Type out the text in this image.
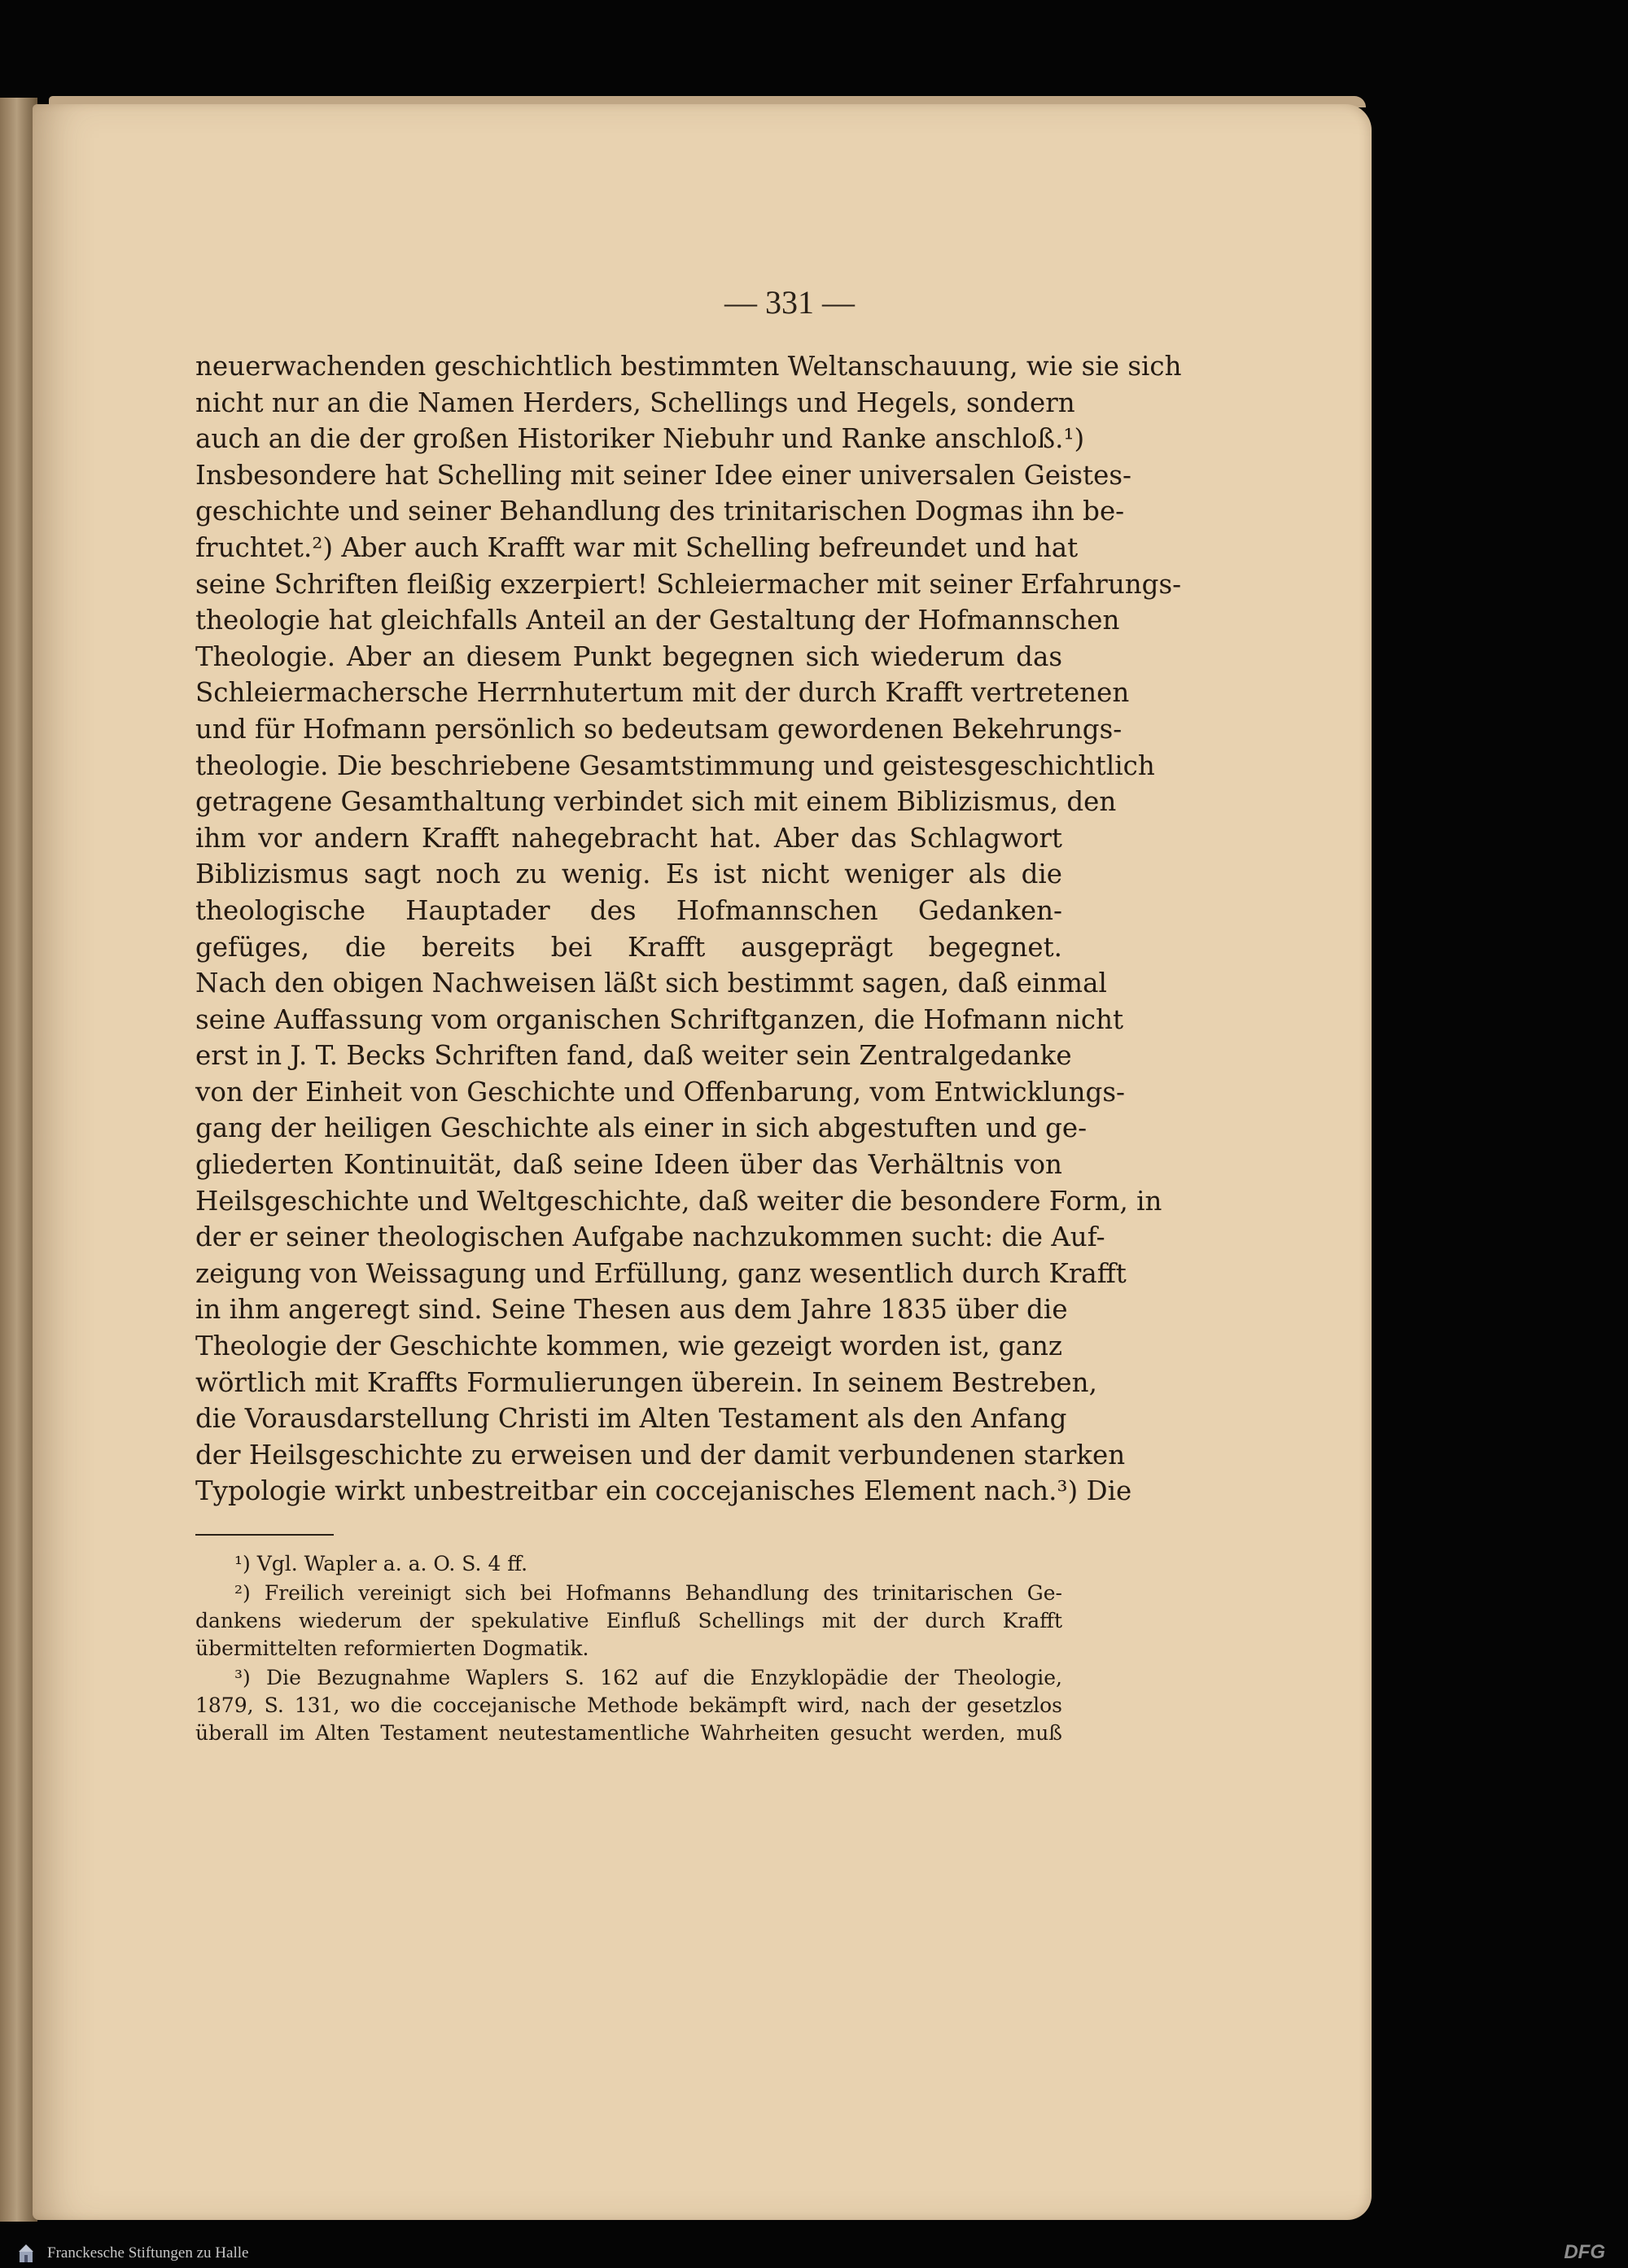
— 331 —
neuerwachenden geschichtlich bestimmten Weltanschauung, wie sie sich
nicht nur an die Namen Herders, Schellings und Hegels, sondern
auch an die der großen Historiker Niebuhr und Ranke anschloß.¹)
Insbesondere hat Schelling mit seiner Idee einer universalen Geistes-
geschichte und seiner Behandlung des trinitarischen Dogmas ihn be-
fruchtet.²) Aber auch Krafft war mit Schelling befreundet und hat
seine Schriften fleißig exzerpiert! Schleiermacher mit seiner Erfahrungs-
theologie hat gleichfalls Anteil an der Gestaltung der Hofmannschen
Theologie. Aber an diesem Punkt begegnen sich wiederum das
Schleiermachersche Herrnhutertum mit der durch Krafft vertretenen
und für Hofmann persönlich so bedeutsam gewordenen Bekehrungs-
theologie. Die beschriebene Gesamtstimmung und geistesgeschichtlich
getragene Gesamthaltung verbindet sich mit einem Biblizismus, den
ihm vor andern Krafft nahegebracht hat. Aber das Schlagwort
Biblizismus sagt noch zu wenig. Es ist nicht weniger als die
theologische Hauptader des Hofmannschen Gedanken-
gefüges, die bereits bei Krafft ausgeprägt begegnet.
Nach den obigen Nachweisen läßt sich bestimmt sagen, daß einmal
seine Auffassung vom organischen Schriftganzen, die Hofmann nicht
erst in J. T. Becks Schriften fand, daß weiter sein Zentralgedanke
von der Einheit von Geschichte und Offenbarung, vom Entwicklungs-
gang der heiligen Geschichte als einer in sich abgestuften und ge-
gliederten Kontinuität, daß seine Ideen über das Verhältnis von
Heilsgeschichte und Weltgeschichte, daß weiter die besondere Form, in
der er seiner theologischen Aufgabe nachzukommen sucht: die Auf-
zeigung von Weissagung und Erfüllung, ganz wesentlich durch Krafft
in ihm angeregt sind. Seine Thesen aus dem Jahre 1835 über die
Theologie der Geschichte kommen, wie gezeigt worden ist, ganz
wörtlich mit Kraffts Formulierungen überein. In seinem Bestreben,
die Vorausdarstellung Christi im Alten Testament als den Anfang
der Heilsgeschichte zu erweisen und der damit verbundenen starken
Typologie wirkt unbestreitbar ein coccejanisches Element nach.³) Die
¹) Vgl. Wapler a. a. O. S. 4 ff.
²) Freilich vereinigt sich bei Hofmanns Behandlung des trinitarischen Ge-
dankens wiederum der spekulative Einfluß Schellings mit der durch Krafft
übermittelten reformierten Dogmatik.
³) Die Bezugnahme Waplers S. 162 auf die Enzyklopädie der Theologie,
1879, S. 131, wo die coccejanische Methode bekämpft wird, nach der gesetzlos
überall im Alten Testament neutestamentliche Wahrheiten gesucht werden, muß
Franckesche Stiftungen zu Halle	DFG
